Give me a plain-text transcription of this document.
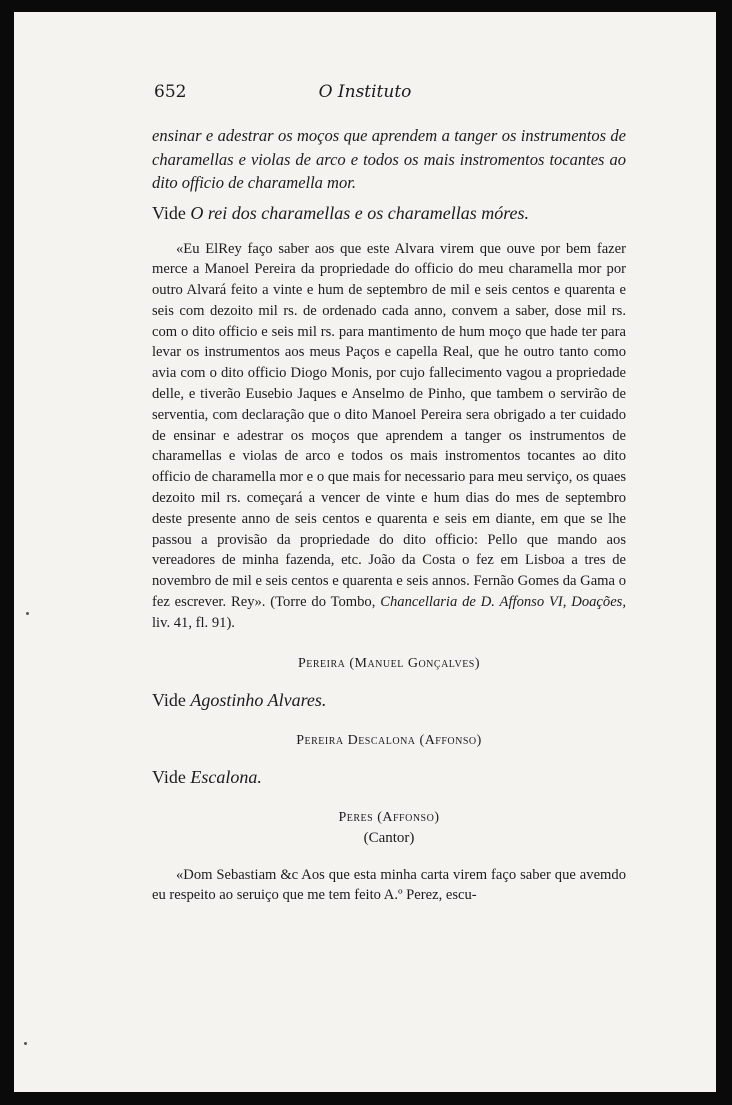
652	O Instituto

ensinar e adestrar os moços que aprendem a tanger os instrumentos de charamellas e violas de arco e todos os mais instromentos tocantes ao dito officio de charamella mor.

Vide O rei dos charamellas e os charamellas móres.

«Eu ElRey faço saber aos que este Alvara virem que ouve por bem fazer merce a Manoel Pereira da propriedade do officio do meu charamella mor por outro Alvará feito a vinte e hum de septembro de mil e seis centos e quarenta e seis com dezoito mil rs. de ordenado cada anno, convem a saber, dose mil rs. com o dito officio e seis mil rs. para mantimento de hum moço que hade ter para levar os instrumentos aos meus Paços e capella Real, que he outro tanto como avia com o dito officio Diogo Monis, por cujo fallecimento vagou a propriedade delle, e tiverão Eusebio Jaques e Anselmo de Pinho, que tambem o servirão de serventia, com declaração que o dito Manoel Pereira sera obrigado a ter cuidado de ensinar e adestrar os moços que aprendem a tanger os instrumentos de charamellas e violas de arco e todos os mais instromentos tocantes ao dito officio de charamella mor e o que mais for necessario para meu serviço, os quaes dezoito mil rs. começará a vencer de vinte e hum dias do mes de septembro deste presente anno de seis centos e quarenta e seis em diante, em que se lhe passou a provisão da propriedade do dito officio: Pello que mando aos vereadores de minha fazenda, etc. João da Costa o fez em Lisboa a tres de novembro de mil e seis centos e quarenta e seis annos. Fernão Gomes da Gama o fez escrever. Rey». (Torre do Tombo, Chancellaria de D. Affonso VI, Doações, liv. 41, fl. 91).

Pereira (Manuel Gonçalves)

Vide Agostinho Alvares.

Pereira Descalona (Affonso)

Vide Escalona.

Peres (Affonso)
(Cantor)

«Dom Sebastiam &c Aos que esta minha carta virem faço saber que avemdo eu respeito ao seruiço que me tem feito A.º Perez, escu-
